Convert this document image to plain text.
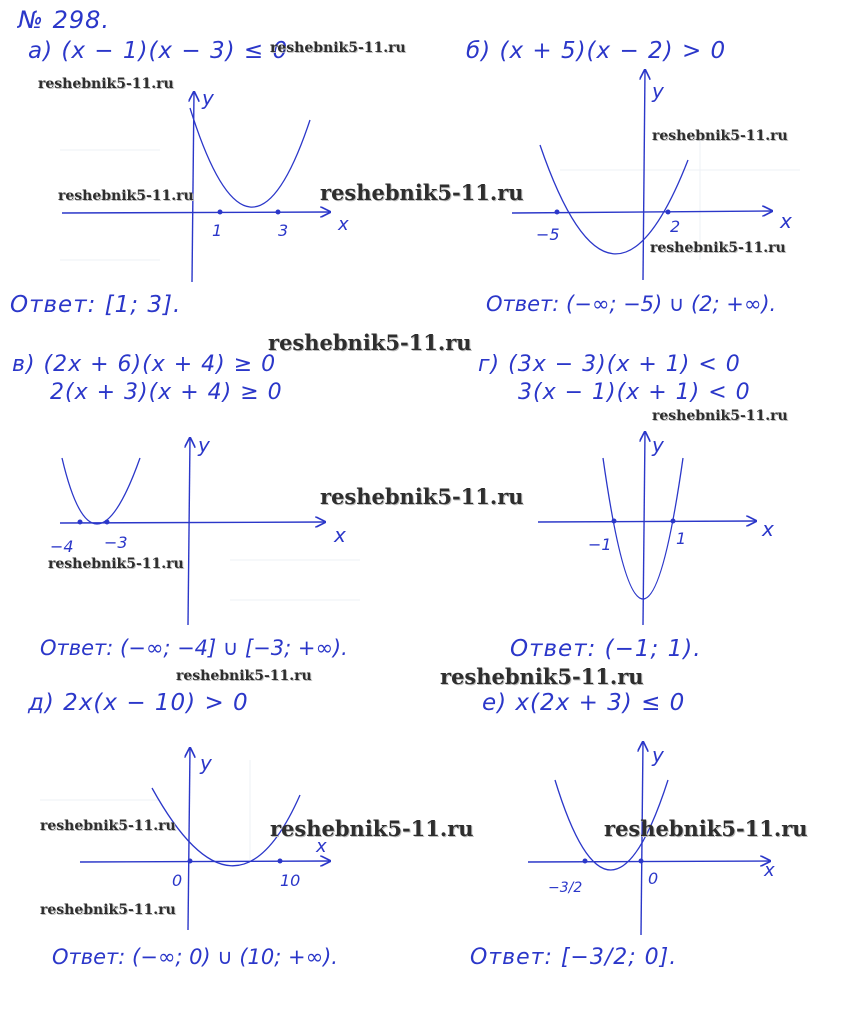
x
y
1	3	x
y
−5	2
x
y
−4 −3
x
y
−1	1
x
y
0	10	x
y
−3/2	0
№ 298.
а) (x − 1)(x − 3) ≤ 0	б) (x + 5)(x − 2) > 0
Ответ: [1; 3].	Ответ: (−∞; −5) ∪ (2; +∞).
в) (2x + 6)(x + 4) ≥ 0
2(x + 3)(x + 4) ≥ 0
г) (3x − 3)(x + 1) < 0
3(x − 1)(x + 1) < 0
Ответ: (−∞; −4] ∪ [−3; +∞).	Ответ: (−1; 1).
д) 2x(x − 10) > 0	е) x(2x + 3) ≤ 0
Ответ: (−∞; 0) ∪ (10; +∞).	Ответ: [−3/2; 0].
reshebnik5-11.ru
reshebnik5-11.ru
reshebnik5-11.ru	reshebnik5-11.ru
reshebnik5-11.ru
reshebnik5-11.ru
reshebnik5-11.ru
reshebnik5-11.ru
reshebnik5-11.ru
reshebnik5-11.ru
reshebnik5-11.ru	reshebnik5-11.ru
reshebnik5-11.ru	reshebnik5-11.ru	reshebnik5-11.ru
reshebnik5-11.ru
